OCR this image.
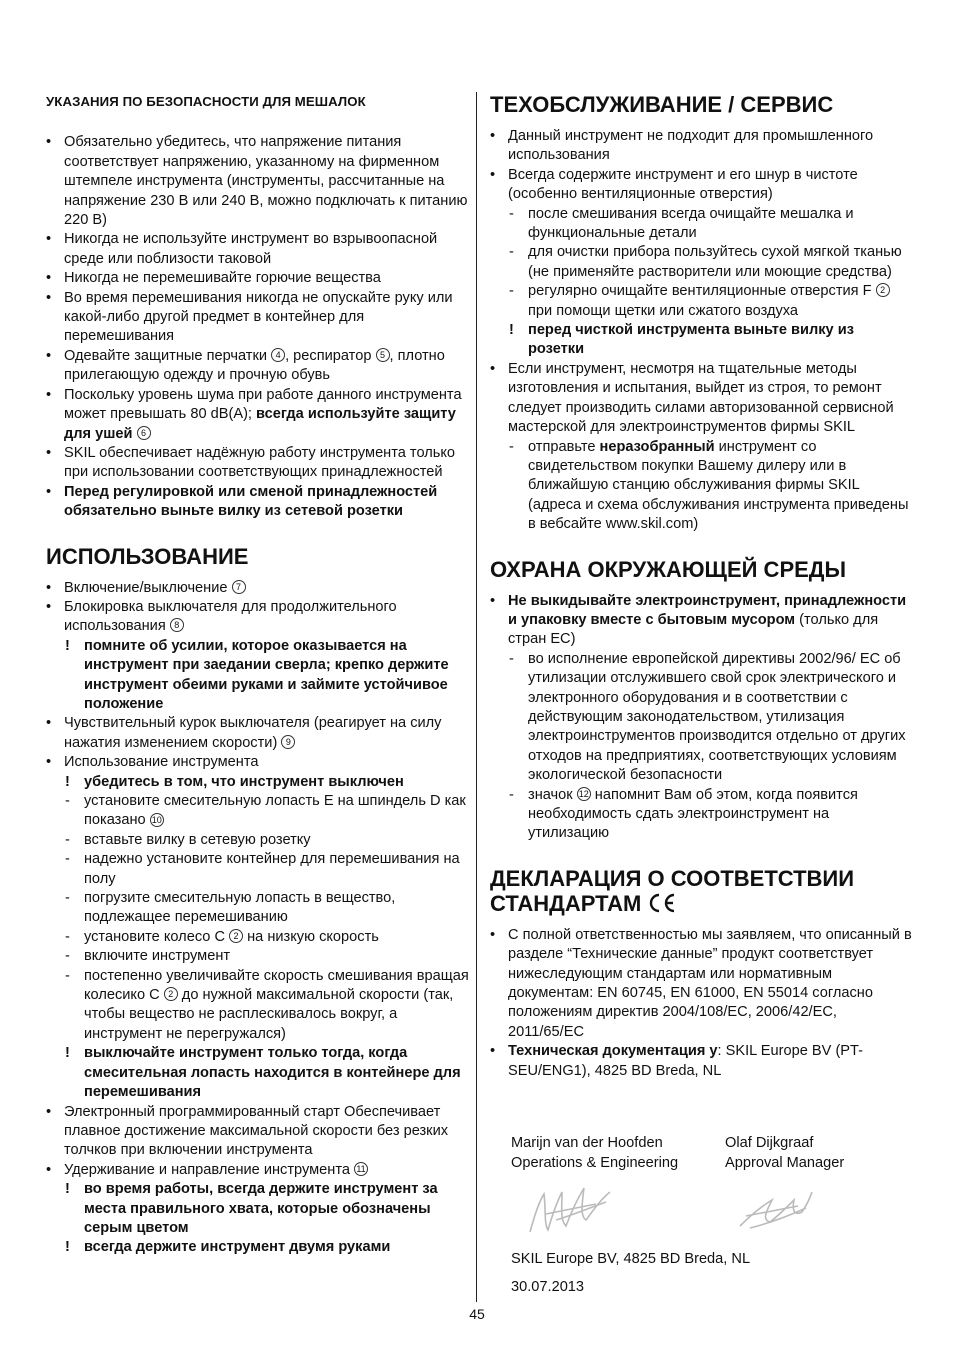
УКАЗАНИЯ ПО БЕЗОПАСНОСТИ ДЛЯ МЕШАЛОК
• Обязательно убедитесь, что напряжение питания соответствует напряжению, указанному на фирменном штемпеле инструмента (инструменты, рассчитанные на напряжение 230 В или 240 В, можно подключать к питанию 220 В)
• Никогда не используйте инструмент во взрывоопасной среде или поблизости таковой
• Никогда не перемешивайте горючие вещества
• Во время перемешивания никогда не опускайте руку или какой-либо другой предмет в контейнер для перемешивания
• Одевайте защитные перчатки 4 , респиратор 5 , плотно прилегающую одежду и прочную обувь
• Поскольку уровень шума при работе данного инструмента может превышать 80 dB(A); всегда используйте защиту для ушей 6
• SKIL обеспечивает надёжную работу инструмента только при использовании соответствующих принадлежностей
• Перед регулировкой или сменой принадлежностей обязательно выньте вилку из сетевой розетки
ИСПОЛЬЗОВАНИЕ
• Включение/выключение 7
• Блокировка выключателя для продолжительного использования 8
! помните об усилии, которое оказывается на инструмент при заедании сверла; крепко держите инструмент обеими руками и займите устойчивое положение
• Чувствительный курок выключателя (реагирует на силу нажатия изменением скорости) 9
• Использование инструмента
! убедитесь в том, что инструмент выключен
- установите смесительную лопасть E на шпиндель D как показано 10
- вставьте вилку в сетевую розетку
- надежно установите контейнер для перемешивания на полу
- погрузите смесительную лопасть в вещество, подлежащее перемешиванию
- установите колесо C 2 на низкую скорость
- включите инструмент
- постепенно увеличивайте скорость смешивания вращая колесико C 2 до нужной максимальной скорости (так, чтобы вещество не расплескивалось вокруг, а инструмент не перегружался)
! выключайте инструмент только тогда, когда смесительная лопасть находится в контейнере для перемешивания
• Электронный программированный старт Обеспечивает плавное достижение максимальной скорости без резких толчков при включении инструмента
• Удерживание и направление инструмента 11
! во время работы, всегда держите инструмент за места правильного хвата, которые обозначены серым цветом
! всегда держите инструмент двумя руками
ТЕХОБСЛУЖИВАНИЕ / СЕРВИС
• Данный инструмент не подходит для промышленного использования
• Всегда содержите инструмент и его шнур в чистоте (особенно вентиляционные отверстия)
- после смешивания всегда очищайте мешалка и функциональные детали
- для очистки прибора пользуйтесь сухой мягкой тканью (не применяйте растворители или моющие средства)
- регулярно очищайте вентиляционные отверстия F 2 при помощи щетки или сжатого воздуха
! перед чисткой инструмента выньте вилку из розетки
• Если инструмент, несмотря на тщательные методы изготовления и испытания, выйдет из строя, то ремонт следует производить силами авторизованной сервисной мастерской для электроинструментов фирмы SKIL
- отправьте неразобранный инструмент со свидетельством покупки Вашему дилеру или в ближайшую станцию обслуживания фирмы SKIL (адреса и схема обслуживания инструмента приведены в вебсайте www.skil.com)
ОХРАНА ОКРУЖАЮЩЕЙ СРЕДЫ
• Не выкидывайте электроинструмент, принадлежности и упаковку вместе с бытовым мусором (только для стран ЕС)
- во исполнение европейской директивы 2002/96/ ЕС об утилизации отслужившего свой срок электрического и электронного оборудования и в соответствии с действующим законодательством, утилизация электроинструментов производится отдельно от других отходов на предприятиях, соответствующих условиям экологической безопасности
- значок 12 напомнит Вам об этом, когда появится необходимость сдать электроинструмент на утилизацию
ДЕКЛАРАЦИЯ О СООТВЕТСТВИИ
СТАНДАРТАМ
• С полной ответственностью мы заявляем, что описанный в разделе “Технические данные” продукт соответствует нижеследующим стандартам или нормативным документам: EN 60745, EN 61000, EN 55014 согласно положениям директив 2004/108/EC, 2006/42/EC, 2011/65/EC
• Техническая документация у: SKIL Europe BV (PT-SEU/ENG1), 4825 BD Breda, NL
Marijn van der Hoofden
Operations & Engineering
Olaf Dijkgraaf
Approval Manager
SKIL Europe BV, 4825 BD Breda, NL
30.07.2013
45
